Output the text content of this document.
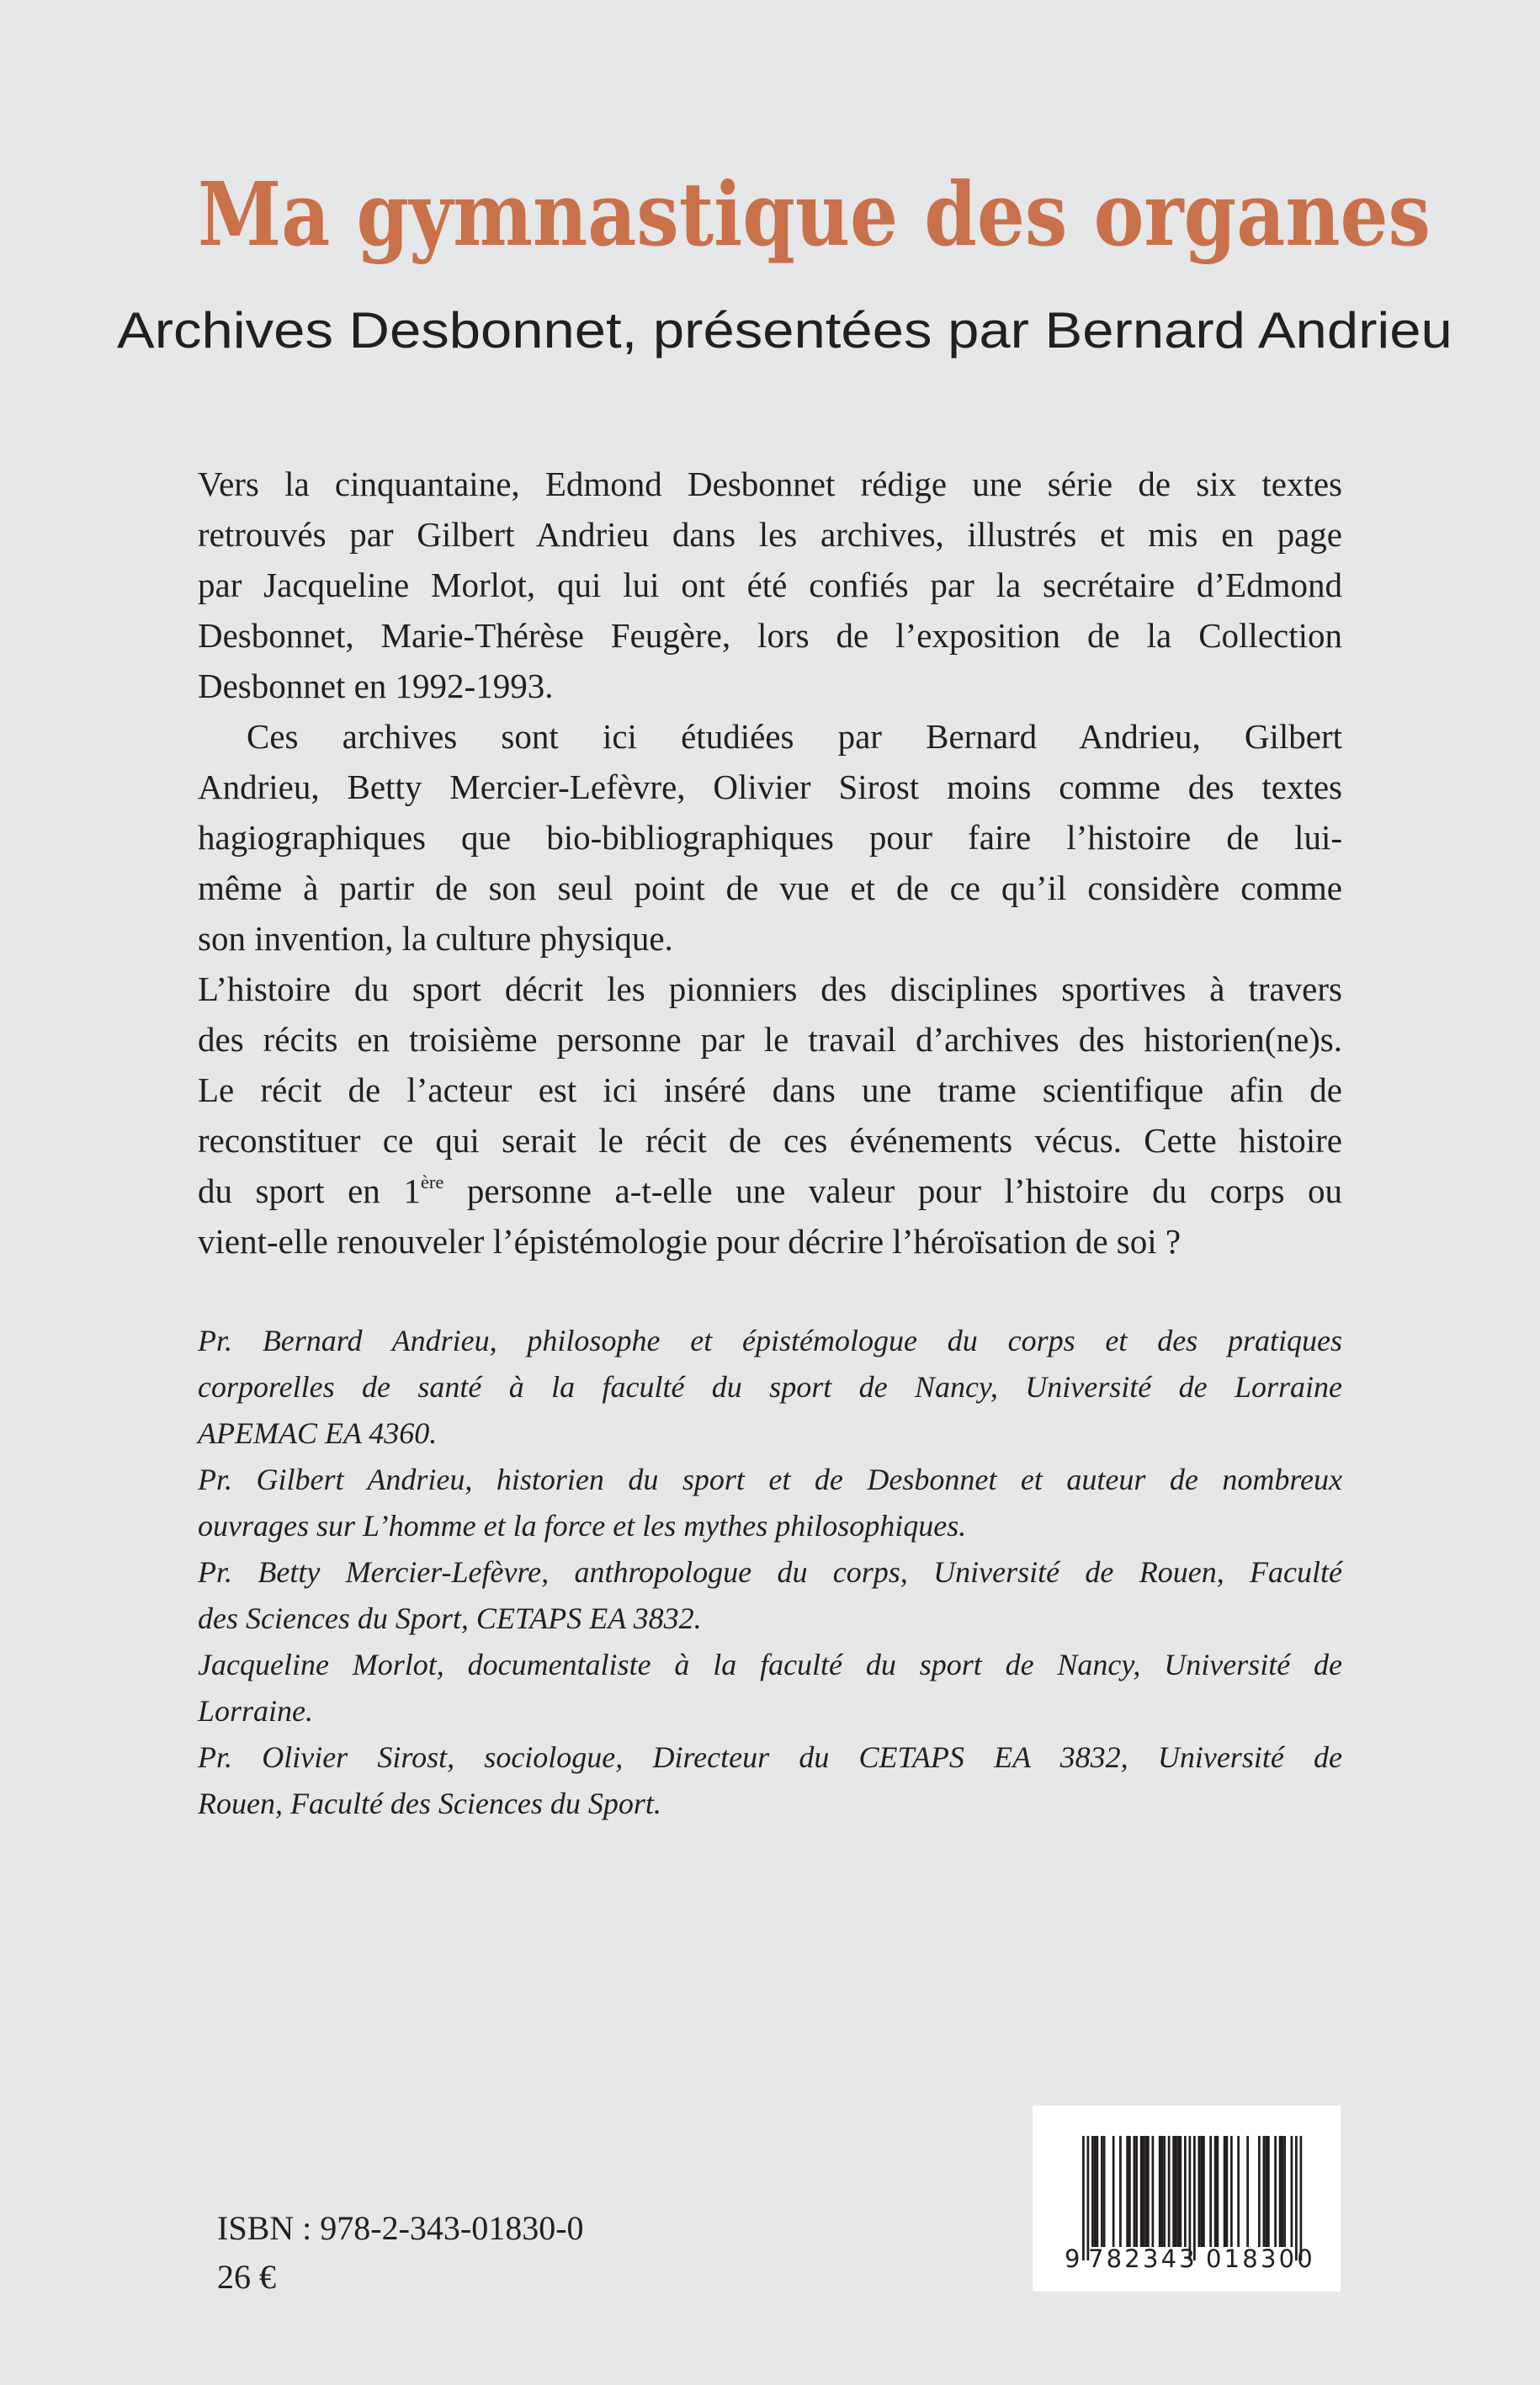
Ma gymnastique des organes
Archives Desbonnet, présentées par Bernard Andrieu
Vers la cinquantaine, Edmond Desbonnet rédige une série de six textes
retrouvés par Gilbert Andrieu dans les archives, illustrés et mis en page
par Jacqueline Morlot, qui lui ont été confiés par la secrétaire d’Edmond
Desbonnet, Marie-Thérèse Feugère, lors de l’exposition de la Collection
Desbonnet en 1992-1993.
Ces archives sont ici étudiées par Bernard Andrieu, Gilbert
Andrieu, Betty Mercier-Lefèvre, Olivier Sirost moins comme des textes
hagiographiques que bio-bibliographiques pour faire l’histoire de lui-
même à partir de son seul point de vue et de ce qu’il considère comme
son invention, la culture physique.
L’histoire du sport décrit les pionniers des disciplines sportives à travers
des récits en troisième personne par le travail d’archives des historien(ne)s.
Le récit de l’acteur est ici inséré dans une trame scientifique afin de
reconstituer ce qui serait le récit de ces événements vécus. Cette histoire
du sport en 1ère personne a-t-elle une valeur pour l’histoire du corps ou
vient-elle renouveler l’épistémologie pour décrire l’héroïsation de soi ?
Pr. Bernard Andrieu, philosophe et épistémologue du corps et des pratiques
corporelles de santé à la faculté du sport de Nancy, Université de Lorraine
APEMAC EA 4360.
Pr. Gilbert Andrieu, historien du sport et de Desbonnet et auteur de nombreux
ouvrages sur L’homme et la force et les mythes philosophiques.
Pr. Betty Mercier-Lefèvre, anthropologue du corps, Université de Rouen, Faculté
des Sciences du Sport, CETAPS EA 3832.
Jacqueline Morlot, documentaliste à la faculté du sport de Nancy, Université de
Lorraine.
Pr. Olivier Sirost, sociologue, Directeur du CETAPS EA 3832, Université de
Rouen, Faculté des Sciences du Sport.
ISBN : 978-2-343-01830-0
26 €	9 782343 018300
